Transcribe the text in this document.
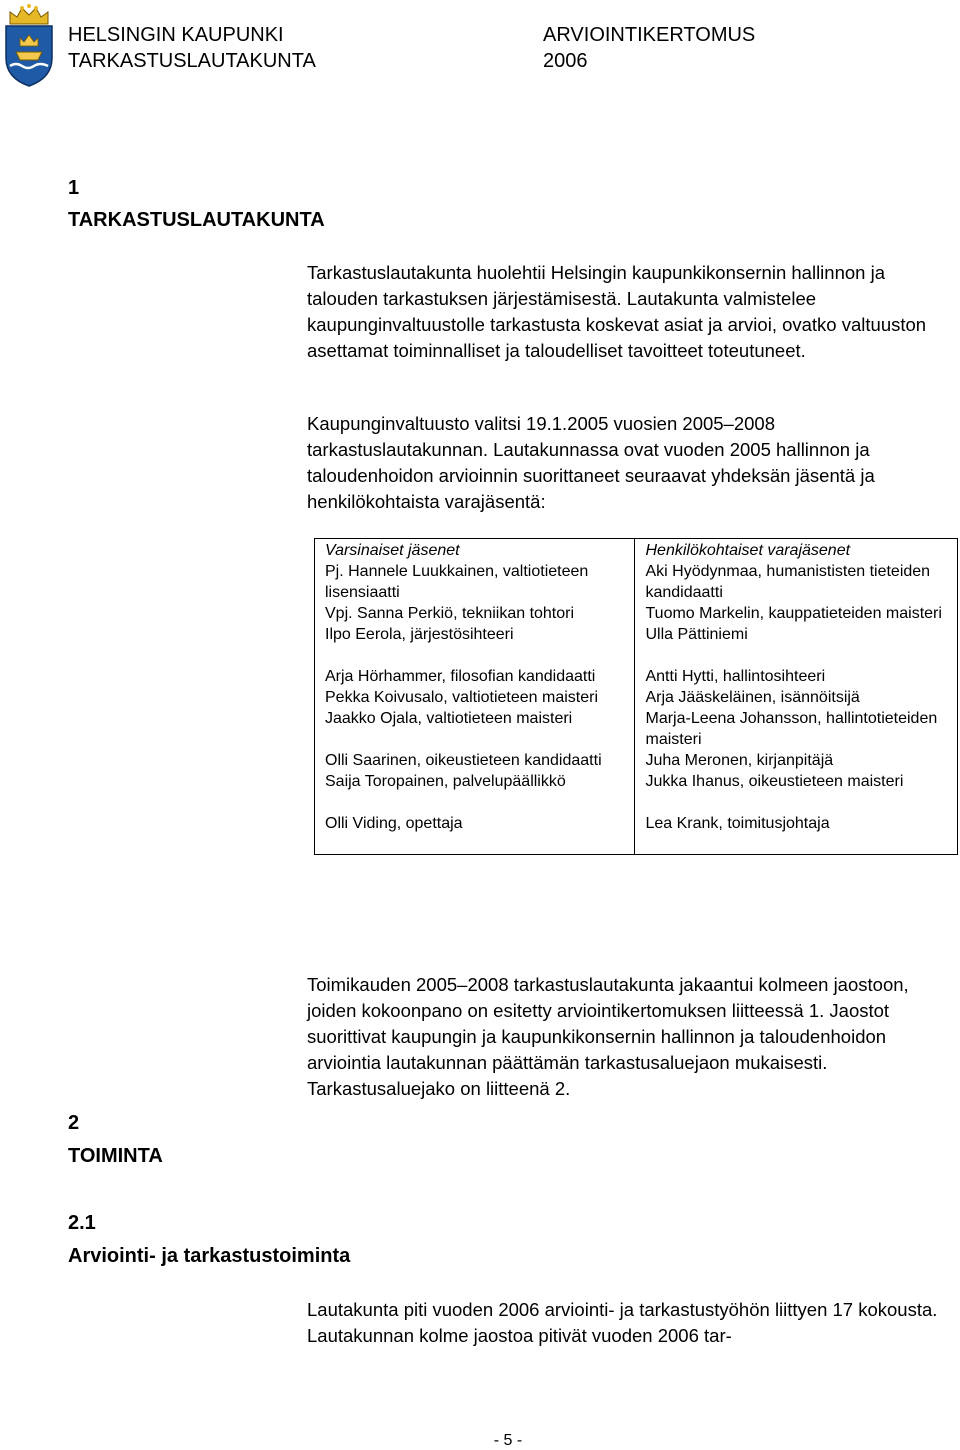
HELSINGIN KAUPUNKI
TARKASTUSLAUTAKUNTA
ARVIOINTIKERTOMUS
2006
1
TARKASTUSLAUTAKUNTA

Tarkastuslautakunta huolehtii Helsingin kaupunkikonsernin hallinnon ja talouden tarkastuksen järjestämisestä. Lautakunta valmistelee kaupunginvaltuustolle tarkastusta koskevat asiat ja arvioi, ovatko valtuuston asettamat toiminnalliset ja taloudelliset tavoitteet toteutuneet.

Kaupunginvaltuusto valitsi 19.1.2005 vuosien 2005–2008 tarkastuslautakunnan. Lautakunnassa ovat vuoden 2005 hallinnon ja taloudenhoidon arvioinnin suorittaneet seuraavat yhdeksän jäsentä ja henkilökohtaista varajäsentä:

Varsinaiset jäsenet	Henkilökohtaiset varajäsenet
Pj. Hannele Luukkainen, valtiotieteen lisensiaatti	Aki Hyödynmaa, humanististen tieteiden kandidaatti
Vpj. Sanna Perkiö, tekniikan tohtori	Tuomo Markelin, kauppatieteiden maisteri
Ilpo Eerola, järjestösihteeri	Ulla Pättiniemi

Arja Hörhammer, filosofian kandidaatti	Antti Hytti, hallintosihteeri
Pekka Koivusalo, valtiotieteen maisteri	Arja Jääskeläinen, isännöitsijä
Jaakko Ojala, valtiotieteen maisteri	Marja-Leena Johansson, hallintotieteiden maisteri
Olli Saarinen, oikeustieteen kandidaatti	Juha Meronen, kirjanpitäjä
Saija Toropainen, palvelupäällikkö	Jukka Ihanus, oikeustieteen maisteri

Olli Viding, opettaja	Lea Krank, toimitusjohtaja

Toimikauden 2005–2008 tarkastuslautakunta jakaantui kolmeen jaostoon, joiden kokoonpano on esitetty arviointikertomuksen liitteessä 1. Jaostot suorittivat kaupungin ja kaupunkikonsernin hallinnon ja taloudenhoidon arviointia lautakunnan päättämän tarkastusaluejaon mukaisesti. Tarkastusaluejako on liitteenä 2.

2
TOIMINTA
2.1
Arviointi- ja tarkastustoiminta

Lautakunta piti vuoden 2006 arviointi- ja tarkastustyöhön liittyen 17 kokousta. Lautakunnan kolme jaostoa pitivät vuoden 2006 tar-

- 5 -
